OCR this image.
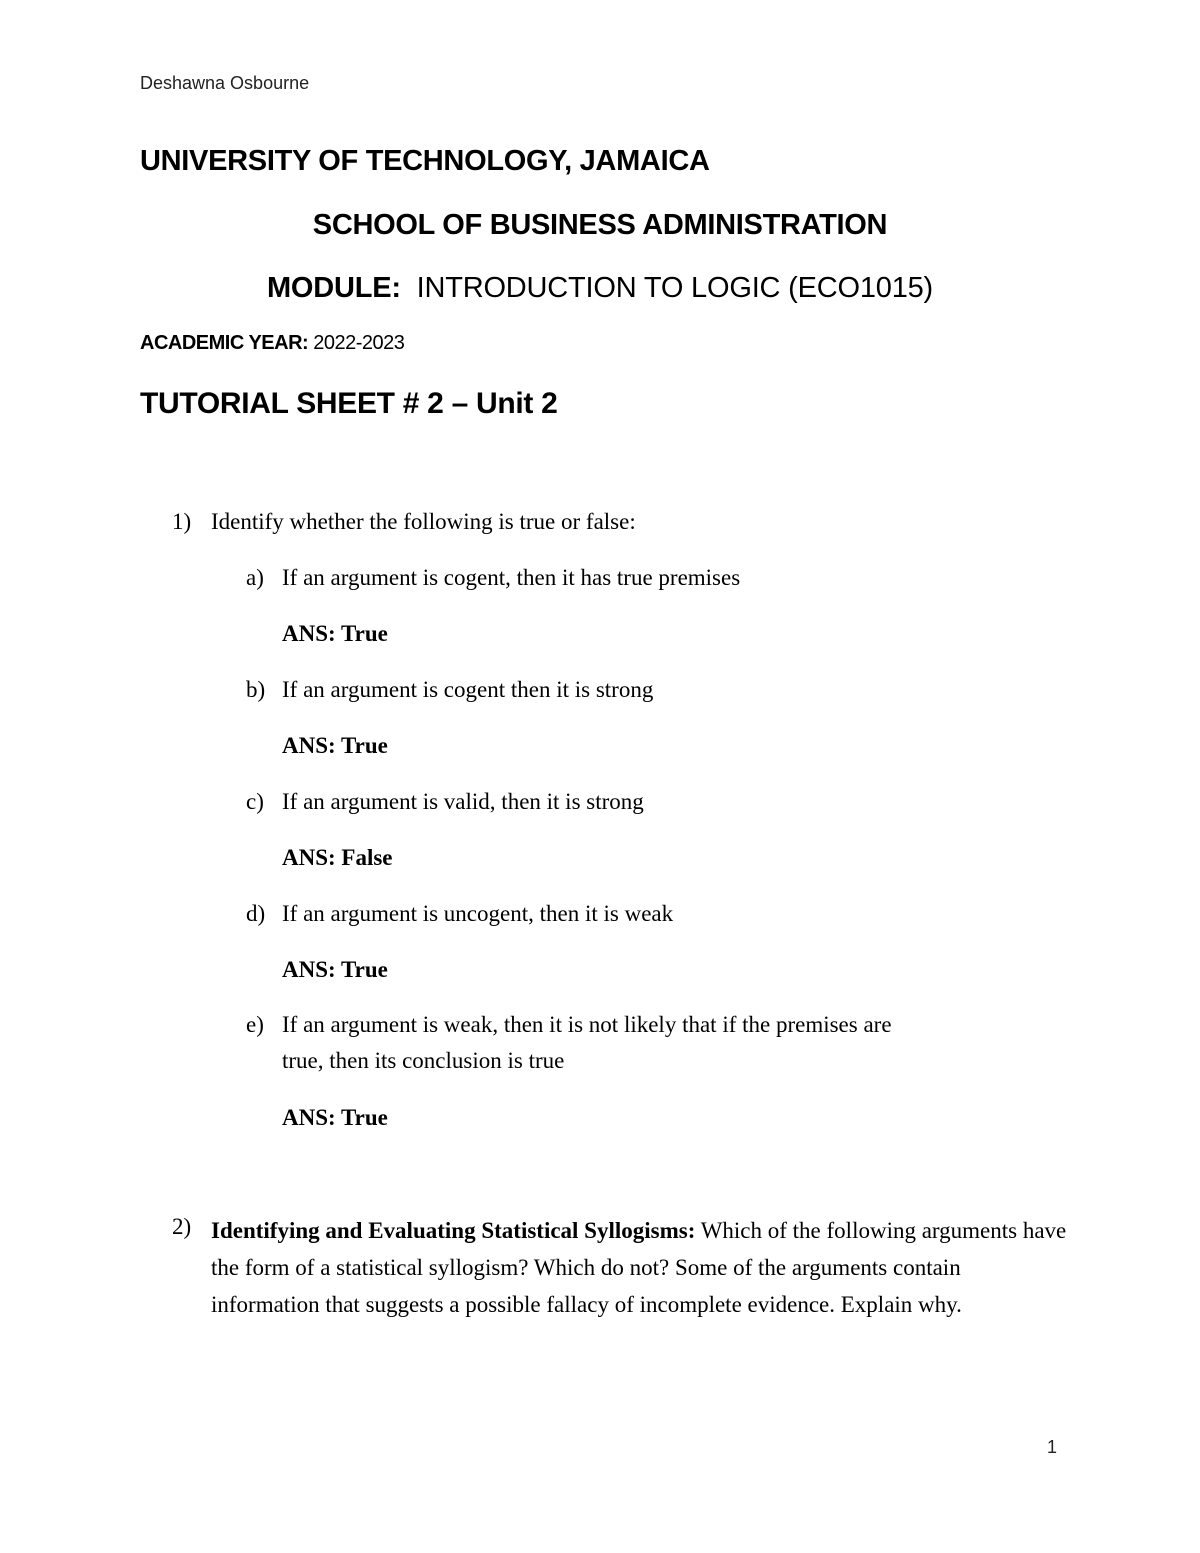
Deshawna Osbourne
UNIVERSITY OF TECHNOLOGY, JAMAICA
SCHOOL OF BUSINESS ADMINISTRATION
MODULE: INTRODUCTION TO LOGIC (ECO1015)
ACADEMIC YEAR: 2022-2023
TUTORIAL SHEET # 2 – Unit 2
1) Identify whether the following is true or false:
a) If an argument is cogent, then it has true premises
ANS: True
b) If an argument is cogent then it is strong
ANS: True
c) If an argument is valid, then it is strong
ANS: False
d) If an argument is uncogent, then it is weak
ANS: True
e) If an argument is weak, then it is not likely that if the premises are
true, then its conclusion is true
ANS: True
2) Identifying and Evaluating Statistical Syllogisms: Which of the following arguments have the form of a statistical syllogism? Which do not? Some of the arguments contain information that suggests a possible fallacy of incomplete evidence. Explain why.
1
